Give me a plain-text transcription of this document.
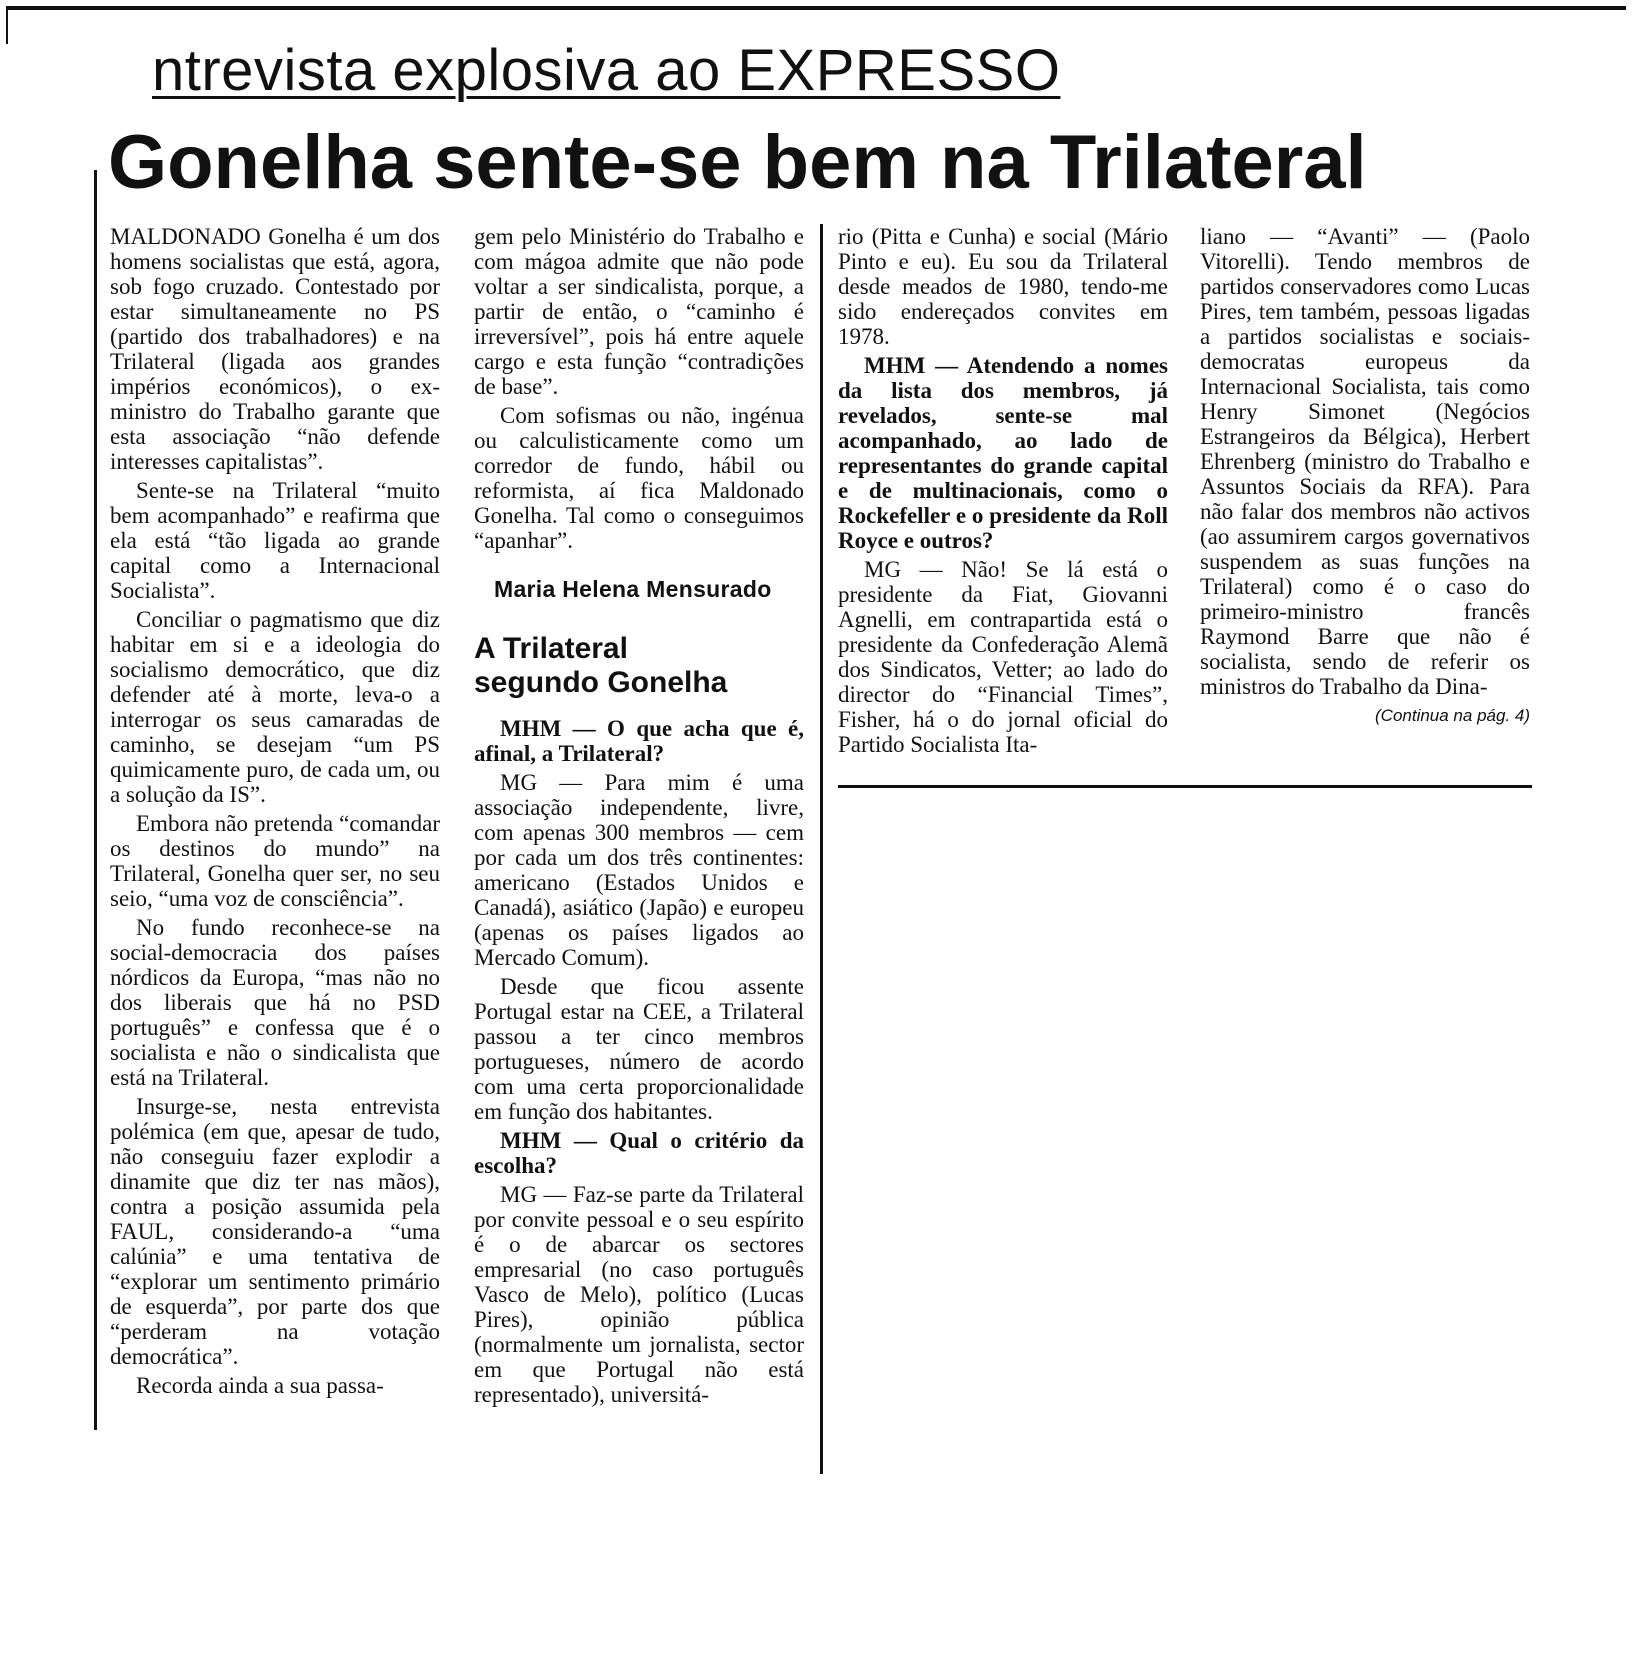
ntrevista explosiva ao EXPRESSO
Gonelha sente-se bem na Trilateral

MALDONADO Gonelha é um dos homens socialistas que está, agora, sob fogo cruzado. Contestado por estar simultaneamente no PS (partido dos trabalhadores) e na Trilateral (ligada aos grandes impérios económicos), o ex-ministro do Trabalho garante que esta associação “não defende interesses capitalistas”.

Sente-se na Trilateral “muito bem acompanhado” e reafirma que ela está “tão ligada ao grande capital como a Internacional Socialista”.

Conciliar o pagmatismo que diz habitar em si e a ideologia do socialismo democrático, que diz defender até à morte, leva-o a interrogar os seus camaradas de caminho, se desejam “um PS quimicamente puro, de cada um, ou a solução da IS”.

Embora não pretenda “comandar os destinos do mundo” na Trilateral, Gonelha quer ser, no seu seio, “uma voz de consciência”.

No fundo reconhece-se na social-democracia dos países nórdicos da Europa, “mas não no dos liberais que há no PSD português” e confessa que é o socialista e não o sindicalista que está na Trilateral.

Insurge-se, nesta entrevista polémica (em que, apesar de tudo, não conseguiu fazer explodir a dinamite que diz ter nas mãos), contra a posição assumida pela FAUL, considerando-a “uma calúnia” e uma tentativa de “explorar um sentimento primário de esquerda”, por parte dos que “perderam na votação democrática”.

Recorda ainda a sua passa-

gem pelo Ministério do Trabalho e com mágoa admite que não pode voltar a ser sindicalista, porque, a partir de então, o “caminho é irreversível”, pois há entre aquele cargo e esta função “contradições de base”.

Com sofismas ou não, ingénua ou calculisticamente como um corredor de fundo, hábil ou reformista, aí fica Maldonado Gonelha. Tal como o conseguimos “apanhar”.

Maria Helena Mensurado
A Trilateral
segundo Gonelha

MHM — O que acha que é, afinal, a Trilateral?

MG — Para mim é uma associação independente, livre, com apenas 300 membros — cem por cada um dos três continentes: americano (Estados Unidos e Canadá), asiático (Japão) e europeu (apenas os países ligados ao Mercado Comum).

Desde que ficou assente Portugal estar na CEE, a Trilateral passou a ter cinco membros portugueses, número de acordo com uma certa proporcionalidade em função dos habitantes.

MHM — Qual o critério da escolha?

MG — Faz-se parte da Trilateral por convite pessoal e o seu espírito é o de abarcar os sectores empresarial (no caso português Vasco de Melo), político (Lucas Pires), opinião pública (normalmente um jornalista, sector em que Portugal não está representado), universitá-

rio (Pitta e Cunha) e social (Mário Pinto e eu). Eu sou da Trilateral desde meados de 1980, tendo-me sido endereçados convites em 1978.

MHM — Atendendo a nomes da lista dos membros, já revelados, sente-se mal acompanhado, ao lado de representantes do grande capital e de multinacionais, como o Rockefeller e o presidente da Roll Royce e outros?

MG — Não! Se lá está o presidente da Fiat, Giovanni Agnelli, em contrapartida está o presidente da Confederação Alemã dos Sindicatos, Vetter; ao lado do director do “Financial Times”, Fisher, há o do jornal oficial do Partido Socialista Ita-

liano — “Avanti” — (Paolo Vitorelli). Tendo membros de partidos conservadores como Lucas Pires, tem também, pessoas ligadas a partidos socialistas e sociais-democratas europeus da Internacional Socialista, tais como Henry Simonet (Negócios Estrangeiros da Bélgica), Herbert Ehrenberg (ministro do Trabalho e Assuntos Sociais da RFA). Para não falar dos membros não activos (ao assumirem cargos governativos suspendem as suas funções na Trilateral) como é o caso do primeiro-ministro francês Raymond Barre que não é socialista, sendo de referir os ministros do Trabalho da Dina-

(Continua na pág. 4)
